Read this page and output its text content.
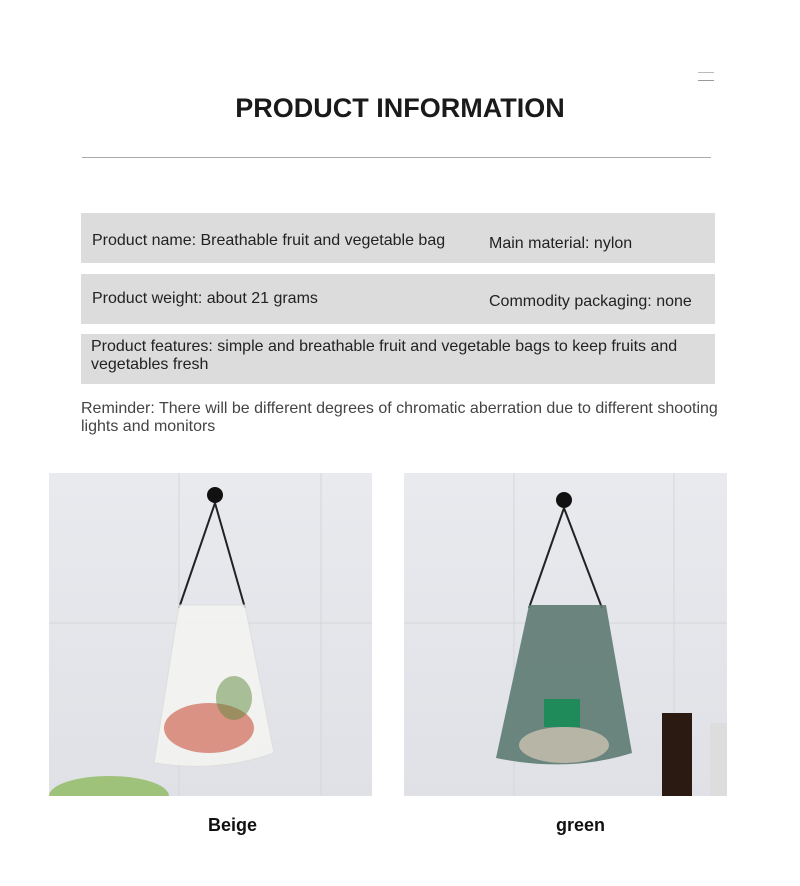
PRODUCT INFORMATION
Product name: Breathable fruit and vegetable bag	Main material: nylon
Product weight: about 21 grams	Commodity packaging: none
Product features: simple and breathable fruit and vegetable bags to keep fruits and vegetables fresh

Reminder: There will be different degrees of chromatic aberration due to different shooting lights and monitors

Beige	green
